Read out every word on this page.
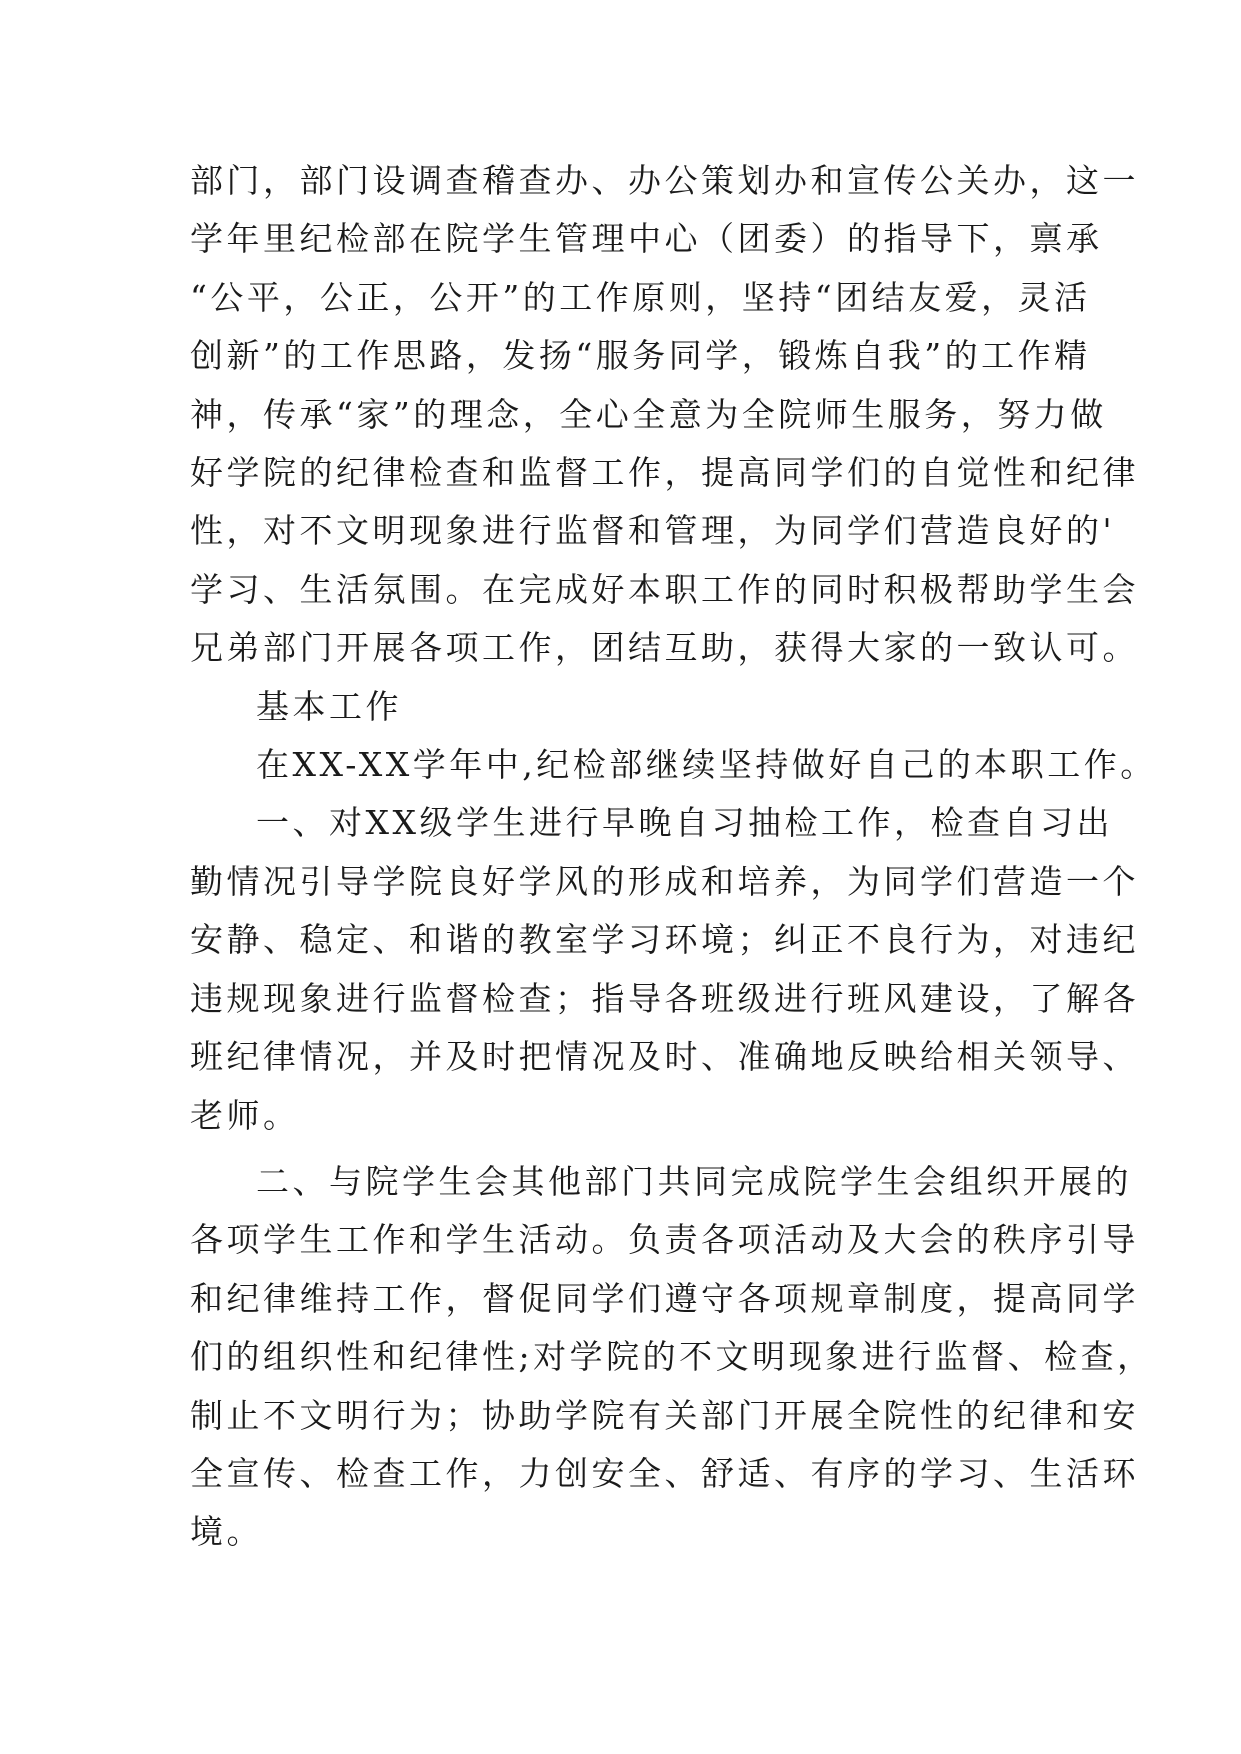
部门，部门设调查稽查办、办公策划办和宣传公关办，这一
学年里纪检部在院学生管理中心（团委）的指导下，禀承
“公平，公正，公开”的工作原则，坚持“团结友爱，灵活
创新”的工作思路，发扬“服务同学，锻炼自我”的工作精
神，传承“家”的理念，全心全意为全院师生服务，努力做
好学院的纪律检查和监督工作，提高同学们的自觉性和纪律
性，对不文明现象进行监督和管理，为同学们营造良好的'
学习、生活氛围。在完成好本职工作的同时积极帮助学生会
兄弟部门开展各项工作，团结互助，获得大家的一致认可。
基本工作
在XX-XX学年中,纪检部继续坚持做好自己的本职工作。
一、对XX级学生进行早晚自习抽检工作，检查自习出
勤情况引导学院良好学风的形成和培养，为同学们营造一个
安静、稳定、和谐的教室学习环境；纠正不良行为，对违纪
违规现象进行监督检查；指导各班级进行班风建设，了解各
班纪律情况，并及时把情况及时、准确地反映给相关领导、
老师。
二、与院学生会其他部门共同完成院学生会组织开展的
各项学生工作和学生活动。负责各项活动及大会的秩序引导
和纪律维持工作，督促同学们遵守各项规章制度，提高同学
们的组织性和纪律性;对学院的不文明现象进行监督、检查，
制止不文明行为；协助学院有关部门开展全院性的纪律和安
全宣传、检查工作，力创安全、舒适、有序的学习、生活环
境。
